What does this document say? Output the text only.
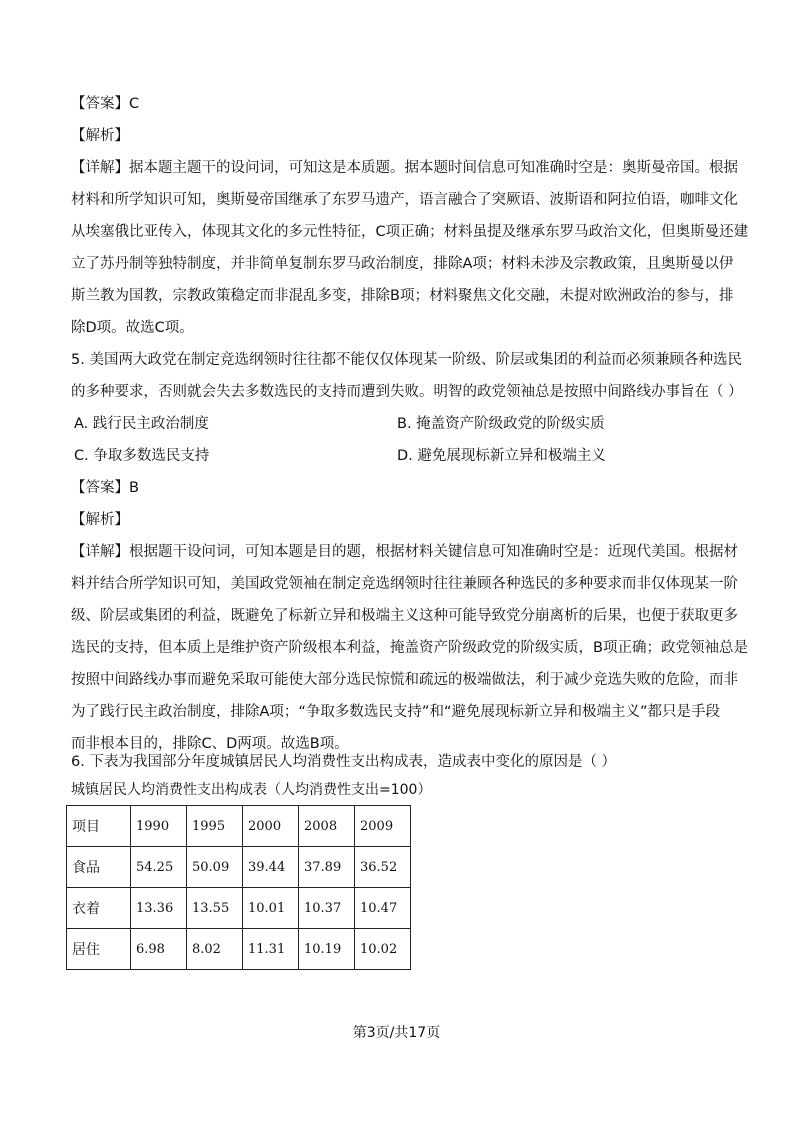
【答案】C
【解析】
【详解】据本题主题干的设问词，可知这是本质题。据本题时间信息可知准确时空是：奥斯曼帝国。根据
材料和所学知识可知，奥斯曼帝国继承了东罗马遗产，语言融合了突厥语、波斯语和阿拉伯语，咖啡文化
从埃塞俄比亚传入，体现其文化的多元性特征，C项正确；材料虽提及继承东罗马政治文化，但奥斯曼还建
立了苏丹制等独特制度，并非简单复制东罗马政治制度，排除A项；材料未涉及宗教政策，且奥斯曼以伊
斯兰教为国教，宗教政策稳定而非混乱多变，排除B项；材料聚焦文化交融，未提对欧洲政治的参与，排
除D项。故选C项。
5. 美国两大政党在制定竞选纲领时往往都不能仅仅体现某一阶级、阶层或集团的利益而必须兼顾各种选民
的多种要求，否则就会失去多数选民的支持而遭到失败。明智的政党领袖总是按照中间路线办事旨在（ ）
A. 践行民主政治制度	B. 掩盖资产阶级政党的阶级实质
C. 争取多数选民支持	D. 避免展现标新立异和极端主义
【答案】B
【解析】
【详解】根据题干设问词，可知本题是目的题，根据材料关键信息可知准确时空是：近现代美国。根据材
料并结合所学知识可知，美国政党领袖在制定竞选纲领时往往兼顾各种选民的多种要求而非仅体现某一阶
级、阶层或集团的利益，既避免了标新立异和极端主义这种可能导致党分崩离析的后果，也便于获取更多
选民的支持，但本质上是维护资产阶级根本利益，掩盖资产阶级政党的阶级实质，B项正确；政党领袖总是
按照中间路线办事而避免采取可能使大部分选民惊慌和疏远的极端做法，利于减少竞选失败的危险，而非
为了践行民主政治制度，排除A项；“争取多数选民支持”和“避免展现标新立异和极端主义”都只是手段
而非根本目的，排除C、D两项。故选B项。
6. 下表为我国部分年度城镇居民人均消费性支出构成表，造成表中变化的原因是（ ）
城镇居民人均消费性支出构成表（人均消费性支出=100）
项目	1990	1995	2000	2008	2009
食品	54.25	50.09	39.44	37.89	36.52
衣着	13.36	13.55	10.01	10.37	10.47
居住	6.98	8.02	11.31	10.19	10.02
第3页/共17页
